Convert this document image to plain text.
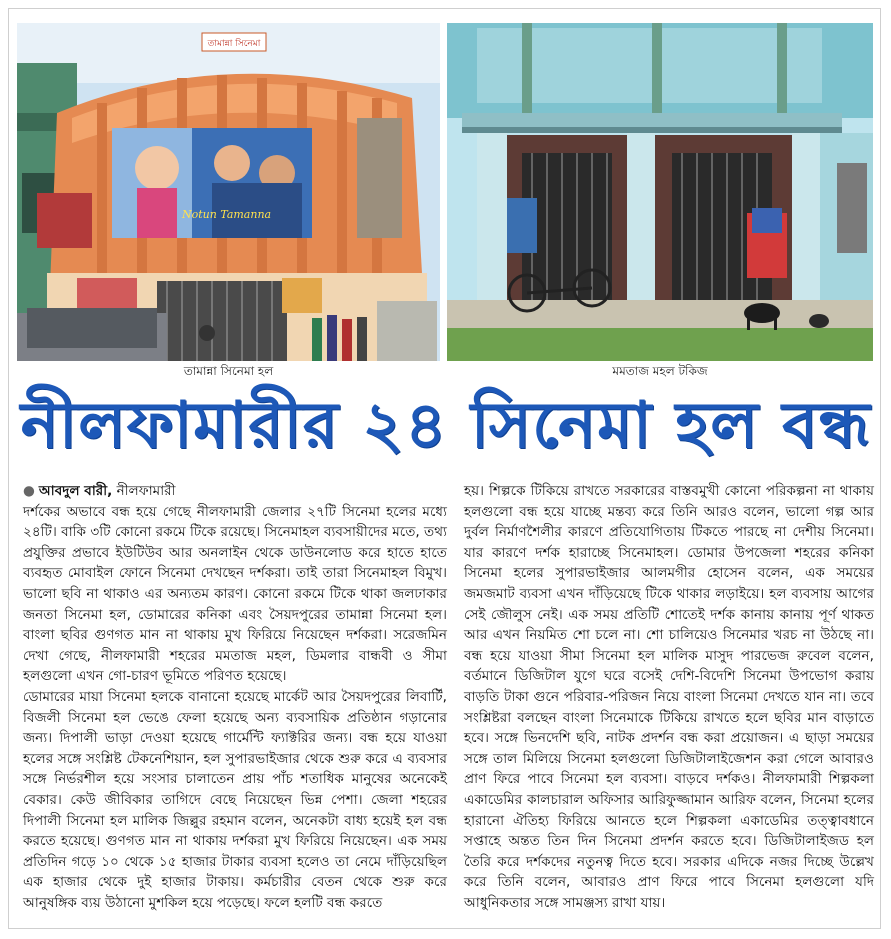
তামান্না সিনেমা
Notun Tamanna
তামান্না সিনেমা হল	মমতাজ মহল টকিজ
নীলফামারীর ২৪ সিনেমা হল বন্ধ

● আবদুল বারী, নীলফামারী

দর্শকের অভাবে বন্ধ হয়ে গেছে নীলফামারী জেলার ২৭টি সিনেমা হলের মধ্যে ২৪টি। বাকি ৩টি কোনো রকমে টিকে রয়েছে। সিনেমাহল ব্যবসায়ীদের মতে, তথ্য প্রযুক্তির প্রভাবে ইউটিউব আর অনলাইন থেকে ডাউনলোড করে হাতে হাতে ব্যবহৃত মোবাইল ফোনে সিনেমা দেখছেন দর্শকরা। তাই তারা সিনেমাহল বিমুখ। ভালো ছবি না থাকাও এর অন্যতম কারণ। কোনো রকমে টিকে থাকা জলঢাকার জনতা সিনেমা হল, ডোমারের কনিকা এবং সৈয়দপুরের তামান্না সিনেমা হল। বাংলা ছবির গুণগত মান না থাকায় মুখ ফিরিয়ে নিয়েছেন দর্শকরা। সরেজমিন দেখা গেছে, নীলফামারী শহরের মমতাজ মহল, ডিমলার বান্ধবী ও সীমা হলগুলো এখন গো-চারণ ভূমিতে পরিণত হয়েছে।

ডোমারের মায়া সিনেমা হলকে বানানো হয়েছে মার্কেট আর সৈয়দপুরের লিবার্টি, বিজলী সিনেমা হল ভেঙে ফেলা হয়েছে অন্য ব্যবসায়িক প্রতিষ্ঠান গড়ানোর জন্য। দিপালী ভাড়া দেওয়া হয়েছে গার্মেন্টি ফ্যাক্টরির জন্য। বন্ধ হয়ে যাওয়া হলের সঙ্গে সংশ্লিষ্ট টেকনেশিয়ান, হল সুপারভাইজার থেকে শুরু করে এ ব্যবসার সঙ্গে নির্ভরশীল হয়ে সংসার চালাতেন প্রায় পাঁচ শতাধিক মানুষের অনেকেই বেকার। কেউ জীবিকার তাগিদে বেছে নিয়েছেন ভিন্ন পেশা। জেলা শহরের দিপালী সিনেমা হল মালিক জিল্লুর রহমান বলেন, অনেকটা বাধ্য হয়েই হল বন্ধ করতে হয়েছে। গুণগত মান না থাকায় দর্শকরা মুখ ফিরিয়ে নিয়েছেন। এক সময় প্রতিদিন গড়ে ১০ থেকে ১৫ হাজার টাকার ব্যবসা হলেও তা নেমে দাঁড়িয়েছিল এক হাজার থেকে দুই হাজার টাকায়। কর্মচারীর বেতন থেকে শুরু করে আনুষঙ্গিক ব্যয় উঠানো মুশকিল হয়ে পড়েছে। ফলে হলটি বন্ধ করতে

হয়। শিল্পকে টিকিয়ে রাখতে সরকারের বাস্তবমুখী কোনো পরিকল্পনা না থাকায় হলগুলো বন্ধ হয়ে যাচ্ছে মন্তব্য করে তিনি আরও বলেন, ভালো গল্প আর দুর্বল নির্মাণশৈলীর কারণে প্রতিযোগিতায় টিকতে পারছে না দেশীয় সিনেমা। যার কারণে দর্শক হারাচ্ছে সিনেমাহল। ডোমার উপজেলা শহরের কনিকা সিনেমা হলের সুপারভাইজার আলমগীর হোসেন বলেন, এক সময়ের জমজমাট ব্যবসা এখন দাঁড়িয়েছে টিকে থাকার লড়াইয়ে। হল ব্যবসায় আগের সেই জৌলুস নেই। এক সময় প্রতিটি শোতেই দর্শক কানায় কানায় পূর্ণ থাকত আর এখন নিয়মিত শো চলে না। শো চালিয়েও সিনেমার খরচ না উঠছে না। বন্ধ হয়ে যাওয়া সীমা সিনেমা হল মালিক মাসুদ পারভেজ রুবেল বলেন, বর্তমানে ডিজিটাল যুগে ঘরে বসেই দেশি-বিদেশি সিনেমা উপভোগ করায় বাড়তি টাকা গুনে পরিবার-পরিজন নিয়ে বাংলা সিনেমা দেখতে যান না। তবে সংশ্লিষ্টরা বলছেন বাংলা সিনেমাকে টিকিয়ে রাখতে হলে ছবির মান বাড়াতে হবে। সঙ্গে ভিনদেশি ছবি, নাটক প্রদর্শন বন্ধ করা প্রয়োজন। এ ছাড়া সময়ের সঙ্গে তাল মিলিয়ে সিনেমা হলগুলো ডিজিটালাইজেশন করা গেলে আবারও প্রাণ ফিরে পাবে সিনেমা হল ব্যবসা। বাড়বে দর্শকও। নীলফামারী শিল্পকলা একাডেমির কালচারাল অফিসার আরিফুজ্জামান আরিফ বলেন, সিনেমা হলের হারানো ঐতিহ্য ফিরিয়ে আনতে হলে শিল্পকলা একাডেমির তত্ত্বাবধানে সপ্তাহে অন্তত তিন দিন সিনেমা প্রদর্শন করতে হবে। ডিজিটালাইজড হল তৈরি করে দর্শকদের নতুনত্ব দিতে হবে। সরকার এদিকে নজর দিচ্ছে উল্লেখ করে তিনি বলেন, আবারও প্রাণ ফিরে পাবে সিনেমা হলগুলো যদি আধুনিকতার সঙ্গে সামঞ্জস্য রাখা যায়।
